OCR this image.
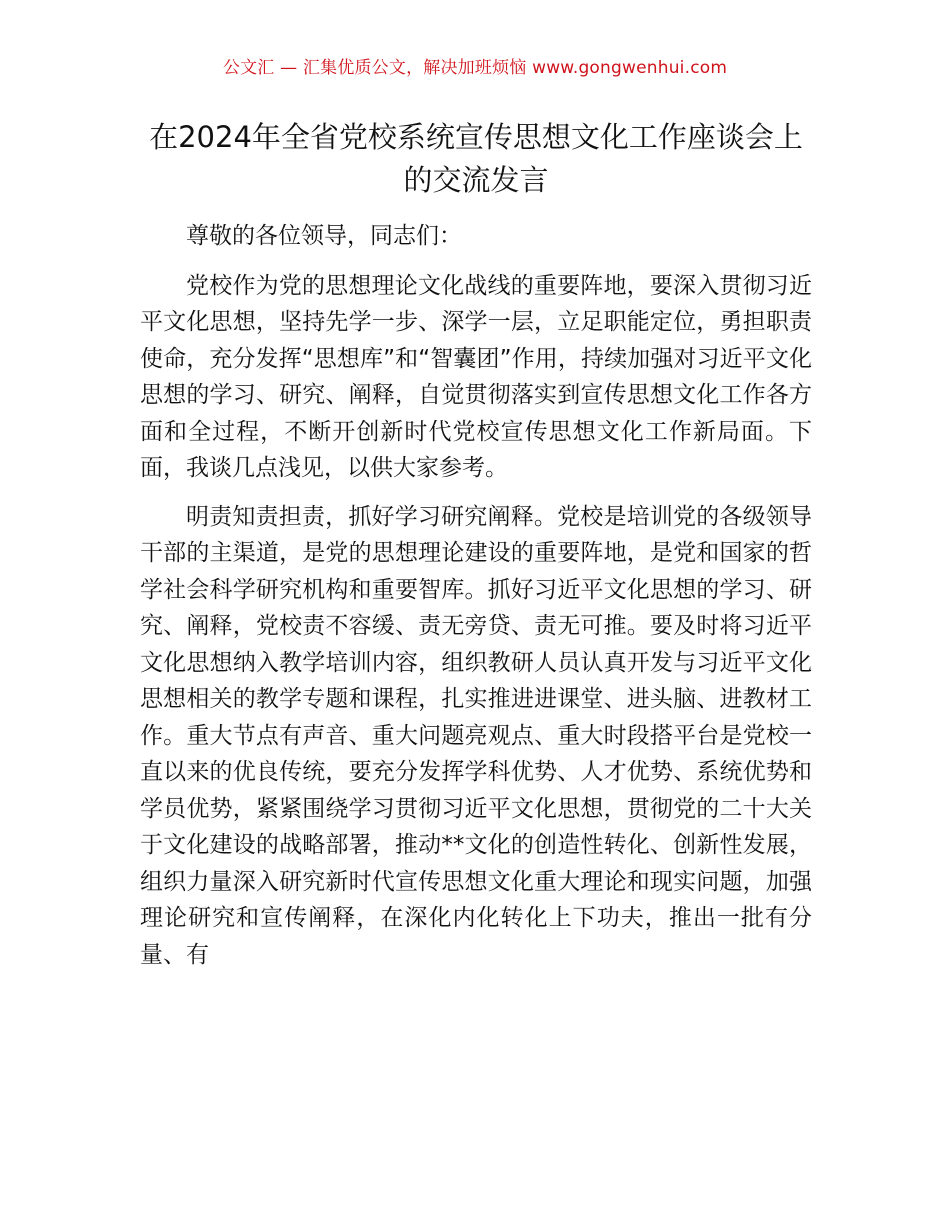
公文汇 — 汇集优质公文，解决加班烦恼 www.gongwenhui.com
在2024年全省党校系统宣传思想文化工作座谈会上的交流发言

尊敬的各位领导，同志们：

党校作为党的思想理论文化战线的重要阵地，要深入贯彻习近平文化思想，坚持先学一步、深学一层，立足职能定位，勇担职责使命，充分发挥“思想库”和“智囊团”作用，持续加强对习近平文化思想的学习、研究、阐释，自觉贯彻落实到宣传思想文化工作各方面和全过程，不断开创新时代党校宣传思想文化工作新局面。下面，我谈几点浅见，以供大家参考。

明责知责担责，抓好学习研究阐释。党校是培训党的各级领导干部的主渠道，是党的思想理论建设的重要阵地，是党和国家的哲学社会科学研究机构和重要智库。抓好习近平文化思想的学习、研究、阐释，党校责不容缓、责无旁贷、责无可推。要及时将习近平文化思想纳入教学培训内容，组织教研人员认真开发与习近平文化思想相关的教学专题和课程，扎实推进进课堂、进头脑、进教材工作。重大节点有声音、重大问题亮观点、重大时段搭平台是党校一直以来的优良传统，要充分发挥学科优势、人才优势、系统优势和学员优势，紧紧围绕学习贯彻习近平文化思想，贯彻党的二十大关于文化建设的战略部署，推动**文化的创造性转化、创新性发展，组织力量深入研究新时代宣传思想文化重大理论和现实问题，加强理论研究和宣传阐释，在深化内化转化上下功夫，推出一批有分量、有
